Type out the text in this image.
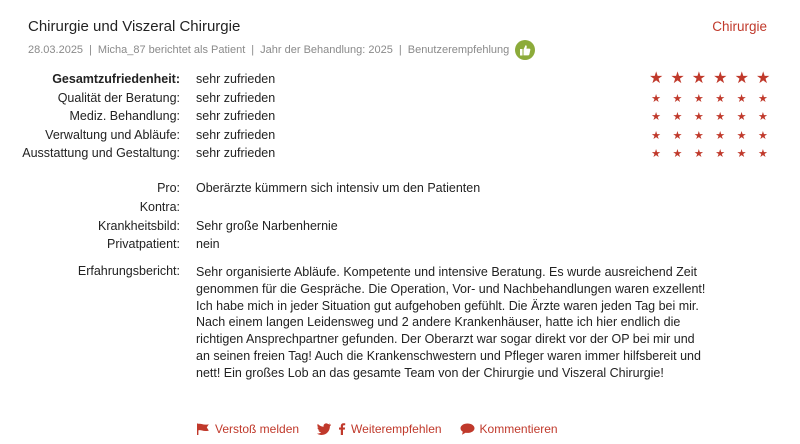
Chirurgie und Viszeral Chirurgie	Chirurgie
28.03.2025 | Micha_87 berichtet als Patient | Jahr der Behandlung: 2025 | Benutzerempfehlung
Gesamtzufriedenheit: sehr zufrieden	★ ★ ★ ★ ★ ★
Qualität der Beratung: sehr zufrieden	★ ★ ★ ★ ★ ★
Mediz. Behandlung: sehr zufrieden	★ ★ ★ ★ ★ ★
Verwaltung und Abläufe: sehr zufrieden	★ ★ ★ ★ ★ ★
Ausstattung und Gestaltung: sehr zufrieden	★ ★ ★ ★ ★ ★
Pro: Oberärzte kümmern sich intensiv um den Patienten
Kontra:
Krankheitsbild: Sehr große Narbenhernie
Privatpatient: nein
Erfahrungsbericht: Sehr organisierte Abläufe. Kompetente und intensive Beratung. Es wurde ausreichend Zeit genommen für die Gespräche. Die Operation, Vor- und Nachbehandlungen waren exzellent! Ich habe mich in jeder Situation gut aufgehoben gefühlt. Die Ärzte waren jeden Tag bei mir. Nach einem langen Leidensweg und 2 andere Krankenhäuser, hatte ich hier endlich die richtigen Ansprechpartner gefunden. Der Oberarzt war sogar direkt vor der OP bei mir und an seinen freien Tag! Auch die Krankenschwestern und Pfleger waren immer hilfsbereit und nett! Ein großes Lob an das gesamte Team von der Chirurgie und Viszeral Chirurgie!
Verstoß melden	Weiterempfehlen	Kommentieren
